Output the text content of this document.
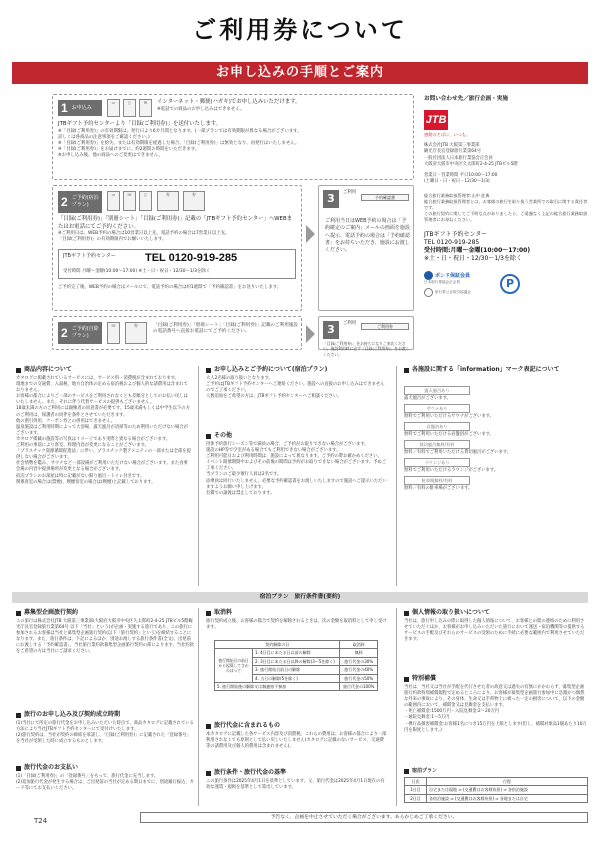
ご利用券について
お申し込みの手順とご案内
1 お申込み
▭	▯	✉	インターネット・郵便(ハガキ)でお申し込みいただけます。
※電話での商品のお申し込みはできません。
JTBギフト予約センターより「目録(ご利用券)」を送付いたします。
※「目録(ご利用券)」の有効期限は、発行日より6カ月間となります。(一部プランでは有効期限が異なる場合がございます。
詳しくは各商品の注意事項をご確認ください。)
※「目録(ご利用券)」を紛失、または有効期限を経過した場合、「目録(ご利用券)」は無効となり、再発行はいたしません。
※「目録(ご利用券)」をお届けまでに、約2週間お時間をいただきます。
※お申し込み後、他の商品へのご変更はできません。
2 ご予約(宿泊プラン)
▭	☏	▯	券	券
「目録(ご利用券)」「別冊シート」「目録(ご利用券)」記載の「JTBギフト予約センター」へWEBまたはお電話にてご予約ください。
※ご利用日は、WEB予約の場合は10営業日以上先、電話予約の場合は7営業日以上先。
「目録(ご利用券)」の有効期限内でお願いいたします。
JTBギフト予約センター	TEL 0120-919-285
受付時間 月曜〜金曜(10:00〜17:00) ※土・日・祝日・12/30〜1/3を除く
ご予約完了後、WEB予約の場合はメールにて、電話予約の場合は約1週間で「予約確認書」をお送りいたします。
3	ご利用
予約確認書
ご利用当日はWEB予約の場合は「予約確定のご案内」メールの画面を施設へ提示、電話予約の場合は「予約確認書」をお持ちいただき、施設にお渡しください。
2 ご予約(自除プラン)
☏	券	「目録(ご利用券)」「別冊シート」「目録(ご利用券)」記載のご利用施設の電話番号へ直接お電話にてご予約ください。	3	ご利用
ご利用券
「目録(ご利用券)」をお持ちになりご来店ください。施設利用時に必ず「目録(ご利用券)」をお渡しください。
お問い合わせ先／旅行企画・実施
JTB
感動のそばに、いつも。
株式会社JTB 大阪第三事業部
観光庁長官登録旅行業第64号
一般社団法人日本旅行業協会正会員
大阪府大阪市中央区久太郎町2-4-25 JTBビル5階
営業日・営業時間 平日10:00〜17:00
(土曜日・日・祝日・12/30〜1/3)
総合旅行業務取扱管理者:山中 佐典
総合旅行業務取扱管理者とは、お客様の旅行を取り扱う営業所での取引に関する責任者です。
この旅行契約に関してご不明な点がありましたら、ご遠慮なく上記の総合旅行業務取扱管理者にお尋ねください。
JTBギフト予約センター
TEL 0120-919-285
受付時間:月曜〜金曜(10:00〜17:00)
※土・日・祝日・12/30〜1/3を除く
ボンド保証会員
日本旅行業協会正会員
旅行業公正取引協議会
P
商品内容について
カタログに掲載されているサービスには、サービス料・消費税が含まれております。
現地までの交通費、入湯税、地方自治体の定める宿泊税および個人的な諸費用は含まれておりません。
お客様の都合によりご一部のサービスをご利用されなくとも差額分としてのお払い戻しはいたしません。また、それに伴う代替サービスの提供もございません。
18歳未満の方のご利用には親権者の同意書が必要です。15歳未満もしくは中学生以下の方のご利用は、保護者の同伴を条件とさせていただきます。
他の割引併用、クーポン券との併用はできません。
温泉施設はご利用時期によって大浴場、露天風呂が清掃等のため利用いただけない場合がございます。
カタログ掲載の施設等の写真はイメージであり実際と異なる場合がございます。
ご利用の事前により客室、料理内容が変更になることがございます。
「プラスチック資源循環促進法」に伴い、プラスチック製アメニティの一部または全部を提供しない場合がございます。
社会情勢を鑑み、サウナなど一部設備がご利用いただけない場合がございます。また食事会場の内容や提供場所が変更となる場合がございます。
宿泊プランのお部屋は特に記載がない限り風呂・トイレ付きです。
関係客室の場合は(禁煙)、喫煙客室の場合は(喫煙)と記載しております。
お申し込みとご予約について(宿泊プラン)
大人2名様の取り扱いとなります。
ご予約はJTBギフト予約センターへご連絡ください。施設への直接のお申し込みはできませんのでご了承ください。
人数追加をご希望の方は、JTBギフト予約センターへご相談ください。
その他
団体予約旅行シーズン等で満員の場合、ご予約がお取りできない場合がございます。
施設のHP等で空室がある場合でもご利用できない場合がございます。
ご利用可能日および利用時間は、施設によって異なります。ご予約の際お確かめください。
イベント開催期間中およびその前後の期間は予約がお取りできない場合がございます。予めご了承ください。
当プランのご最少催行人員は2名です。
添乗員は同行いたしません。必要な予約確認書をお渡しいたしますので施設へご提示いただいますようお願い申し上げます。
有償での譲渡は禁止しております。
各施設に関する「information」マーク表記について
露天風呂あり
露天風呂がございます。
サウナあり
無料でご利用いただけるサウナがございます。
岩盤浴あり
無料でご利用いただける岩盤浴がございます。
貸切風呂無料/有料
無料／有料でご利用いただける貸切風呂がございます。
ラウンジあり
無料でご利用いただけるラウンジがございます。
駐車場無料/有料
無料／有料の駐車場がございます。
宿泊プラン　旅行条件書(要約)
募集型企画旅行契約
この旅行は株式会社JTB 大阪第三事業部(大阪府大阪市中央区久太郎町2-4-25 JTBビル5階観光庁長官登録旅行業第64号 以下「当社」という)が企画・実施する旅行であり、この旅行に参加されるお客様は当社と募集型企画旅行契約(以下「旅行契約」という)を締結することになります。また、旅行条件は、下記によるほか、別途お渡しする旅行条件書(全文)、出発前にお渡しする「予約確認書」、当社旅行業約款募集型企画旅行契約の部によります。当社約款をご希望の方は当社にご請求ください。
旅行のお申し込み及び契約成立時期
(1)当社にて所定の旅行代金をお申し込みいただいた時点で、商品カタログに記載されている方法により当社JTBギフト予約センターにて受付けいたします。
(2)旅行契約は、当社が契約の締結を承諾し、「目録(ご利用券)」に記載された「登録番号」を当社が受領した時に成立するものとします。
旅行代金のお支払い
(1)「目録(ご利用券)」の「登録番号」をもって、旅行代金に充当します。
(2)追加旅行代金が発生する場合は、ご出発前の当社が定める期日までに、別途銀行振込、カード等にてお支払いください。
取消料
旅行契約成立後、お客様の都合で契約を解除されるときは、次の金額を取消料として申し受けます。
契約解除の日		取消料
旅行開始日の前日から起算してさかのぼって	1. 4日目にあたる日以前の解除	無料
	2. 3日目にあたる日以降の解除(3〜5を除く)	旅行代金の30%
	3. 旅行開始日前日の解除	旅行代金の40%
	4. 当日の解除(5を除く)	旅行代金の50%
5. 旅行開始後の解除又は無連絡不参加		旅行代金の100%
旅行代金に含まれるもの
本カタログに記載した各サービス内容及び消費税。これらの費用は、お客様の都合により一部利用されなくても原則として払い戻しいたしません(カタログに記載のないサービス、交通費等の諸費用及び個人的費用は含まれません)。
旅行条件・旅行代金の基準
この旅行条件は2025年4月1日を基準としています。又、旅行代金は2025年4月1日現在の有効な運賃・規則を基準として算出しています。
個人情報の取り扱いについて
当社は、旅行申し込みの際に取得した個人情報について、お客様との間の連絡のために利用させていただくほか、お客様がお申し込みいただいた旅行において運送・宿泊機関等の提供するサービスの手配及びそれらのサービスの受領のために手続に必要な範囲内で利用させていただきます。
特別補償
当社は、当社又は当社が手配を代行させた者の故意又は過失の有無にかかわらず、募集型企画旅行約款特別補償規程で定めるところにより、お客様が募集型企画旅行参加中に急激かつ偶然な外来の事故により、その身体、生命又は手荷物上に被った一定の損害について、以下の金額の範囲内において、補償金又は見舞金を支払います。
・死亡補償金:1500万円・入院見舞金:2〜20万円
・通院見舞金:1〜5万円
・携行品損害補償金:お客様1名につき15万円を上限とします(但し、補償対象品1個あたり10万円を限度とします。)
宿泊プラン
日次	行程
1日目	自宅または現地 ⇒ (交通費はお客様負担) ⇒ 各宿泊施設
2日目	各宿泊施設 ⇒ (交通費はお客様負担) ⇒ 各地または自宅
T24	予告なく、企画を中止させていただく場合がございます。あらかじめご了承ください。
